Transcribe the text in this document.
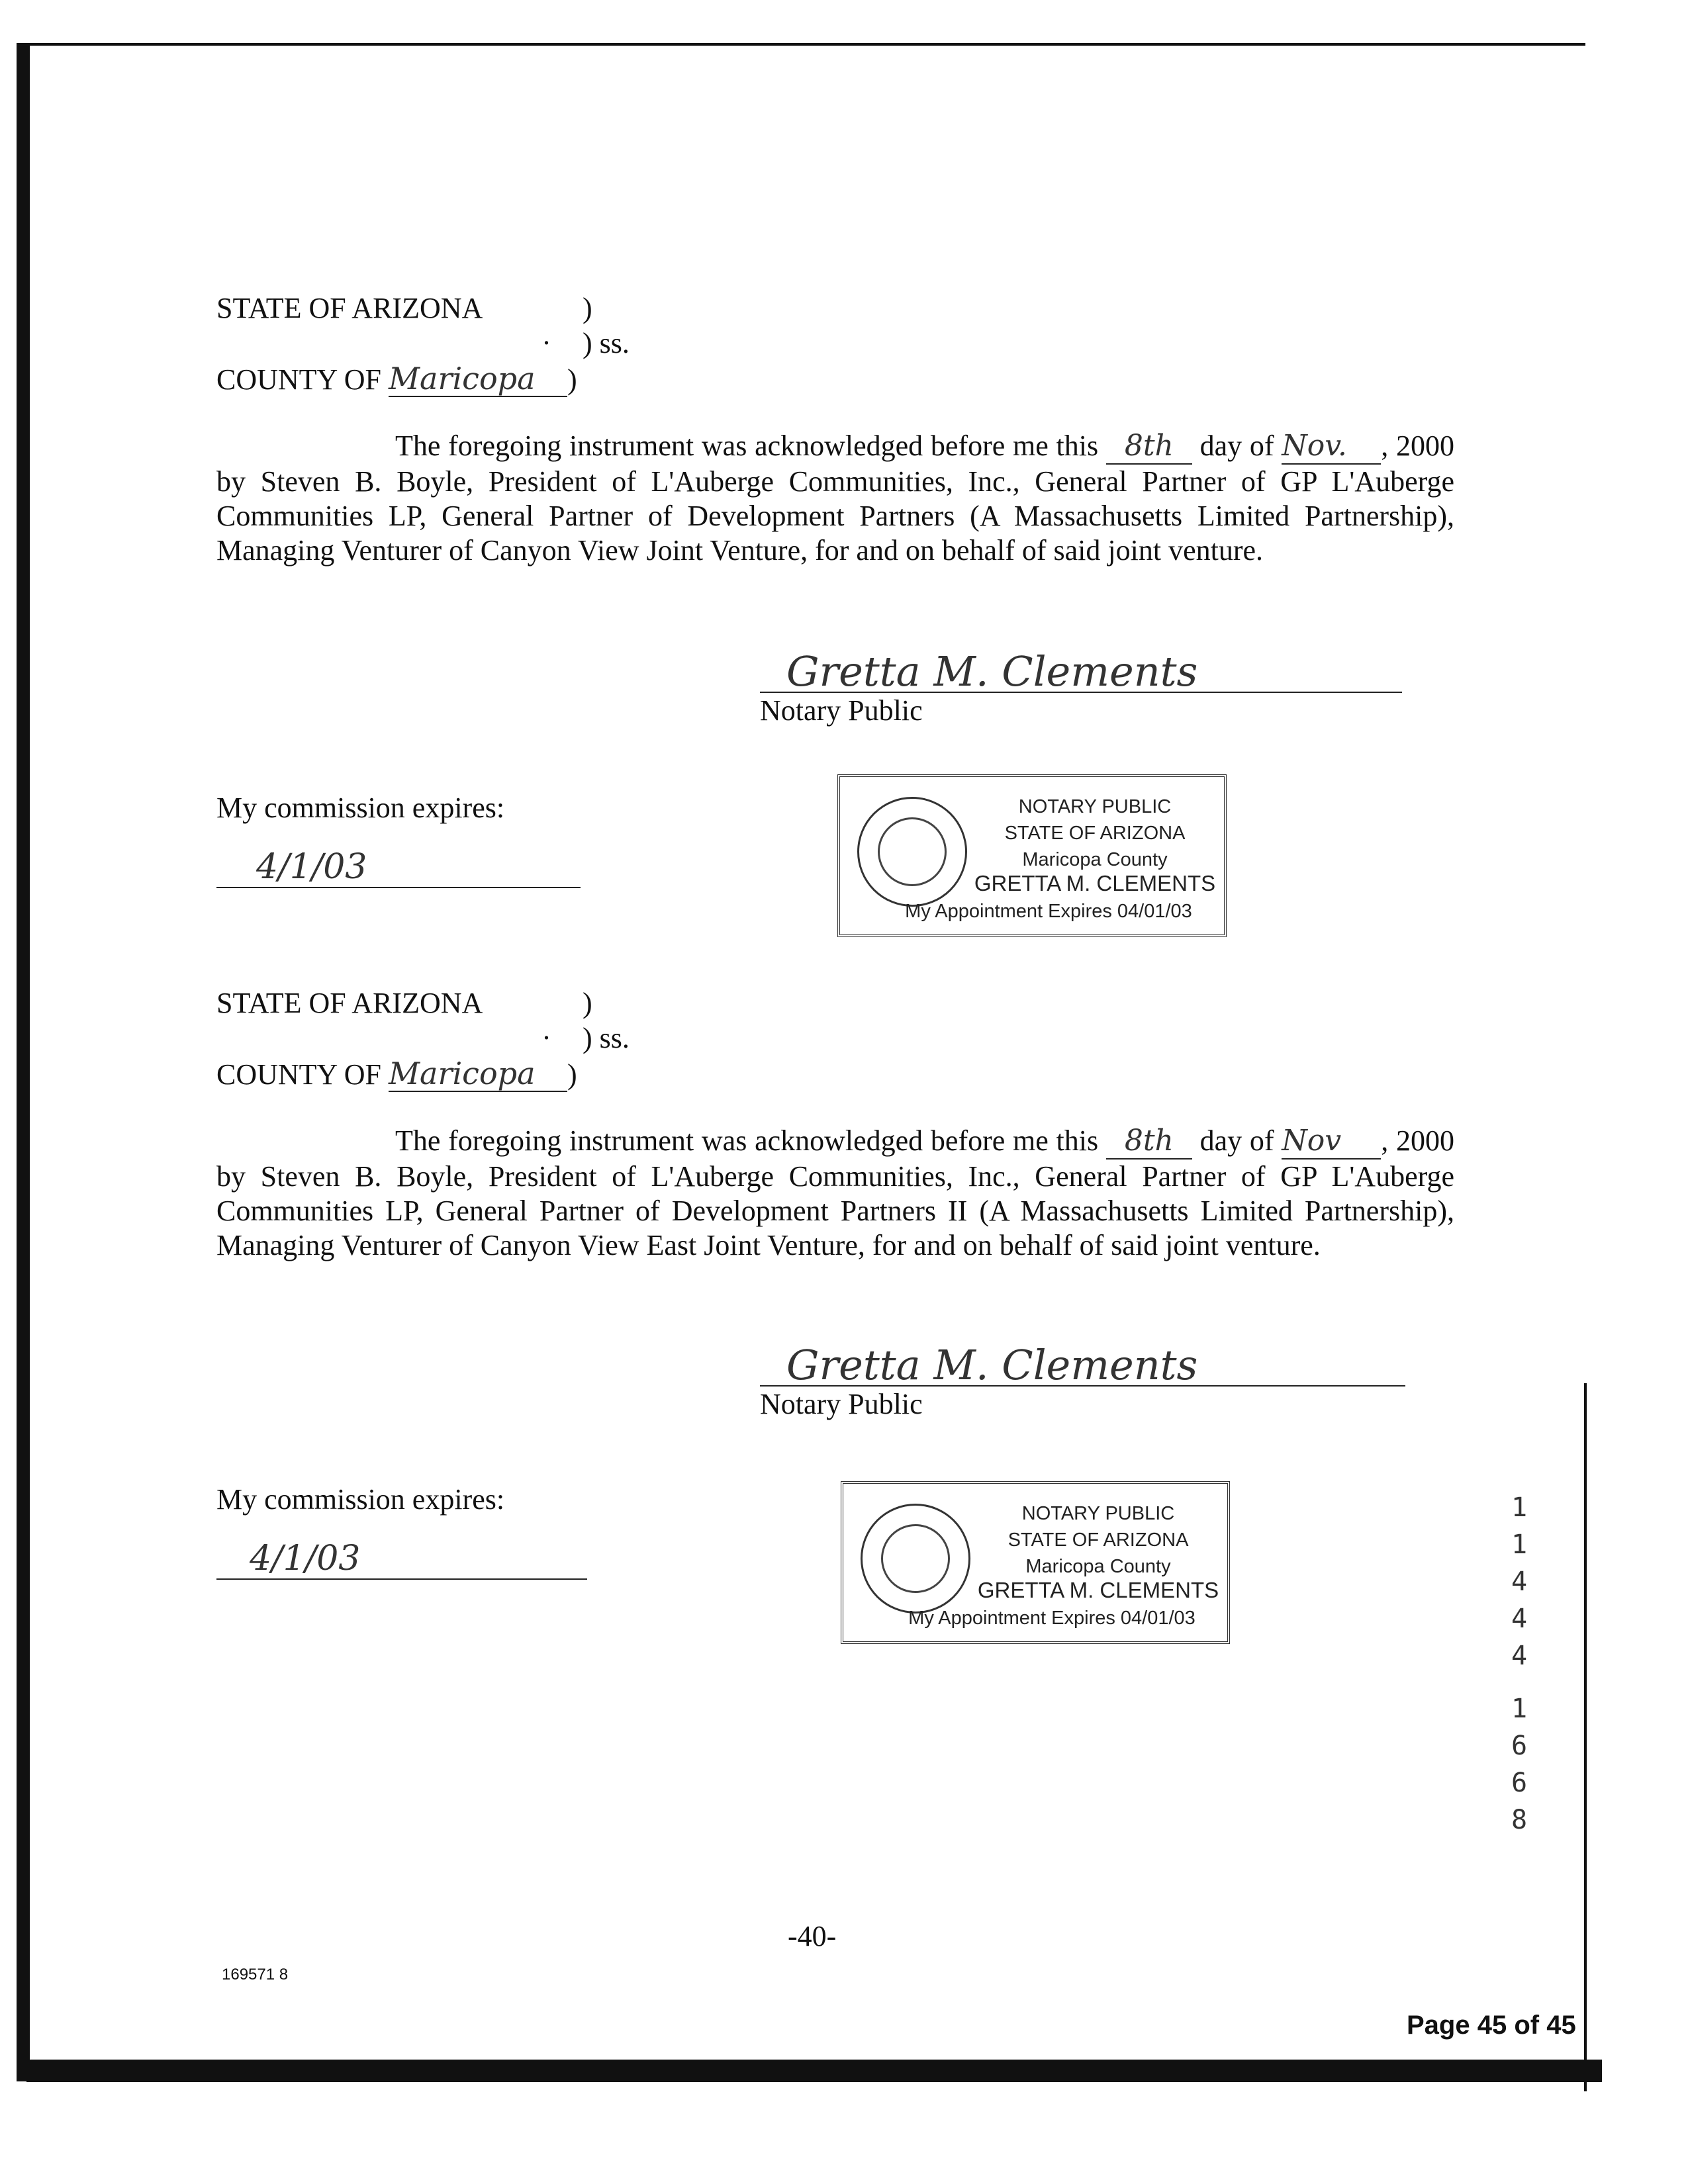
STATE OF ARIZONA	)
. ) ss.
COUNTY OF Maricopa )
The foregoing instrument was acknowledged before me this 8th day of Nov. , 2000 by Steven B. Boyle, President of L'Auberge Communities, Inc., General Partner of GP L'Auberge Communities LP, General Partner of Development Partners (A Massachusetts Limited Partnership), Managing Venturer of Canyon View Joint Venture, for and on behalf of said joint venture.
Gretta M. Clements
Notary Public
My commission expires:
4/1/03
NOTARY PUBLIC
STATE OF ARIZONA
Maricopa County
GRETTA M. CLEMENTS
My Appointment Expires 04/01/03
STATE OF ARIZONA	)
. ) ss.
COUNTY OF Maricopa )
The foregoing instrument was acknowledged before me this 8th day of Nov , 2000 by Steven B. Boyle, President of L'Auberge Communities, Inc., General Partner of GP L'Auberge Communities LP, General Partner of Development Partners II (A Massachusetts Limited Partnership), Managing Venturer of Canyon View East Joint Venture, for and on behalf of said joint venture.
Gretta M. Clements
Notary Public
My commission expires:
4/1/03
NOTARY PUBLIC
STATE OF ARIZONA
Maricopa County
GRETTA M. CLEMENTS
My Appointment Expires 04/01/03
1
1
4
4
4
1
6
6
8
-40-
169571 8
Page 45 of 45
